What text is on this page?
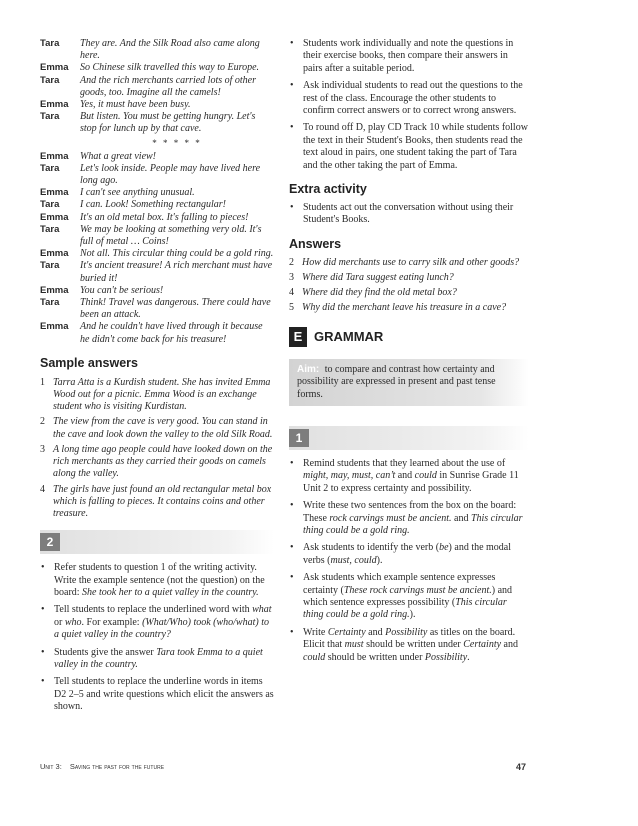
Tara	They are. And the Silk Road also came along here.
Emma	So Chinese silk travelled this way to Europe.
Tara	And the rich merchants carried lots of other goods, too. Imagine all the camels!
Emma	Yes, it must have been busy.
Tara	But listen. You must be getting hungry. Let's stop for lunch up by that cave.
* * * * *
Emma	What a great view!
Tara	Let's look inside. People may have lived here long ago.
Emma	I can't see anything unusual.
Tara	I can. Look! Something rectangular!
Emma	It's an old metal box. It's falling to pieces!
Tara	We may be looking at something very old. It's full of metal … Coins!
Emma	Not all. This circular thing could be a gold ring.
Tara	It's ancient treasure! A rich merchant must have buried it!
Emma	You can't be serious!
Tara	Think! Travel was dangerous. There could have been an attack.
Emma	And he couldn't have lived through it because he didn't come back for his treasure!
Sample answers
1 Tarra Atta is a Kurdish student. She has invited Emma Wood out for a picnic. Emma Wood is an exchange student who is visiting Kurdistan.
2 The view from the cave is very good. You can stand in the cave and look down the valley to the old Silk Road.
3 A long time ago people could have looked down on the rich merchants as they carried their goods on camels along the valley.
4 The girls have just found an old rectangular metal box which is falling to pieces. It contains coins and other treasure.
2
• Refer students to question 1 of the writing activity. Write the example sentence (not the question) on the board: She took her to a quiet valley in the country.
• Tell students to replace the underlined word with what or who. For example: (What/Who) took (who/what) to a quiet valley in the country?
• Students give the answer Tara took Emma to a quiet valley in the country.
• Tell students to replace the underline words in items D2 2–5 and write questions which elicit the answers as shown.
• Students work individually and note the questions in their exercise books, then compare their answers in pairs after a suitable period.
• Ask individual students to read out the questions to the rest of the class. Encourage the other students to confirm correct answers or to correct wrong answers.
• To round off D, play CD Track 10 while students follow the text in their Student's Books, then students read the text aloud in pairs, one student taking the part of Tara and the other taking the part of Emma.
Extra activity
• Students act out the conversation without using their Student's Books.
Answers
2 How did merchants use to carry silk and other goods?
3 Where did Tara suggest eating lunch?
4 Where did they find the old metal box?
5 Why did the merchant leave his treasure in a cave?
E GRAMMAR
Aim: to compare and contrast how certainty and possibility are expressed in present and past tense forms.
1
• Remind students that they learned about the use of might, may, must, can’t and could in Sunrise Grade 11 Unit 2 to express certainty and possibility.
• Write these two sentences from the box on the board: These rock carvings must be ancient. and This circular thing could be a gold ring.
• Ask students to identify the verb (be) and the modal verbs (must, could).
• Ask students which example sentence expresses certainty (These rock carvings must be ancient.) and which sentence expresses possibility (This circular thing could be a gold ring.).
• Write Certainty and Possibility as titles on the board. Elicit that must should be written under Certainty and could should be written under Possibility.
Unit 3: Saving the past for the future	47
